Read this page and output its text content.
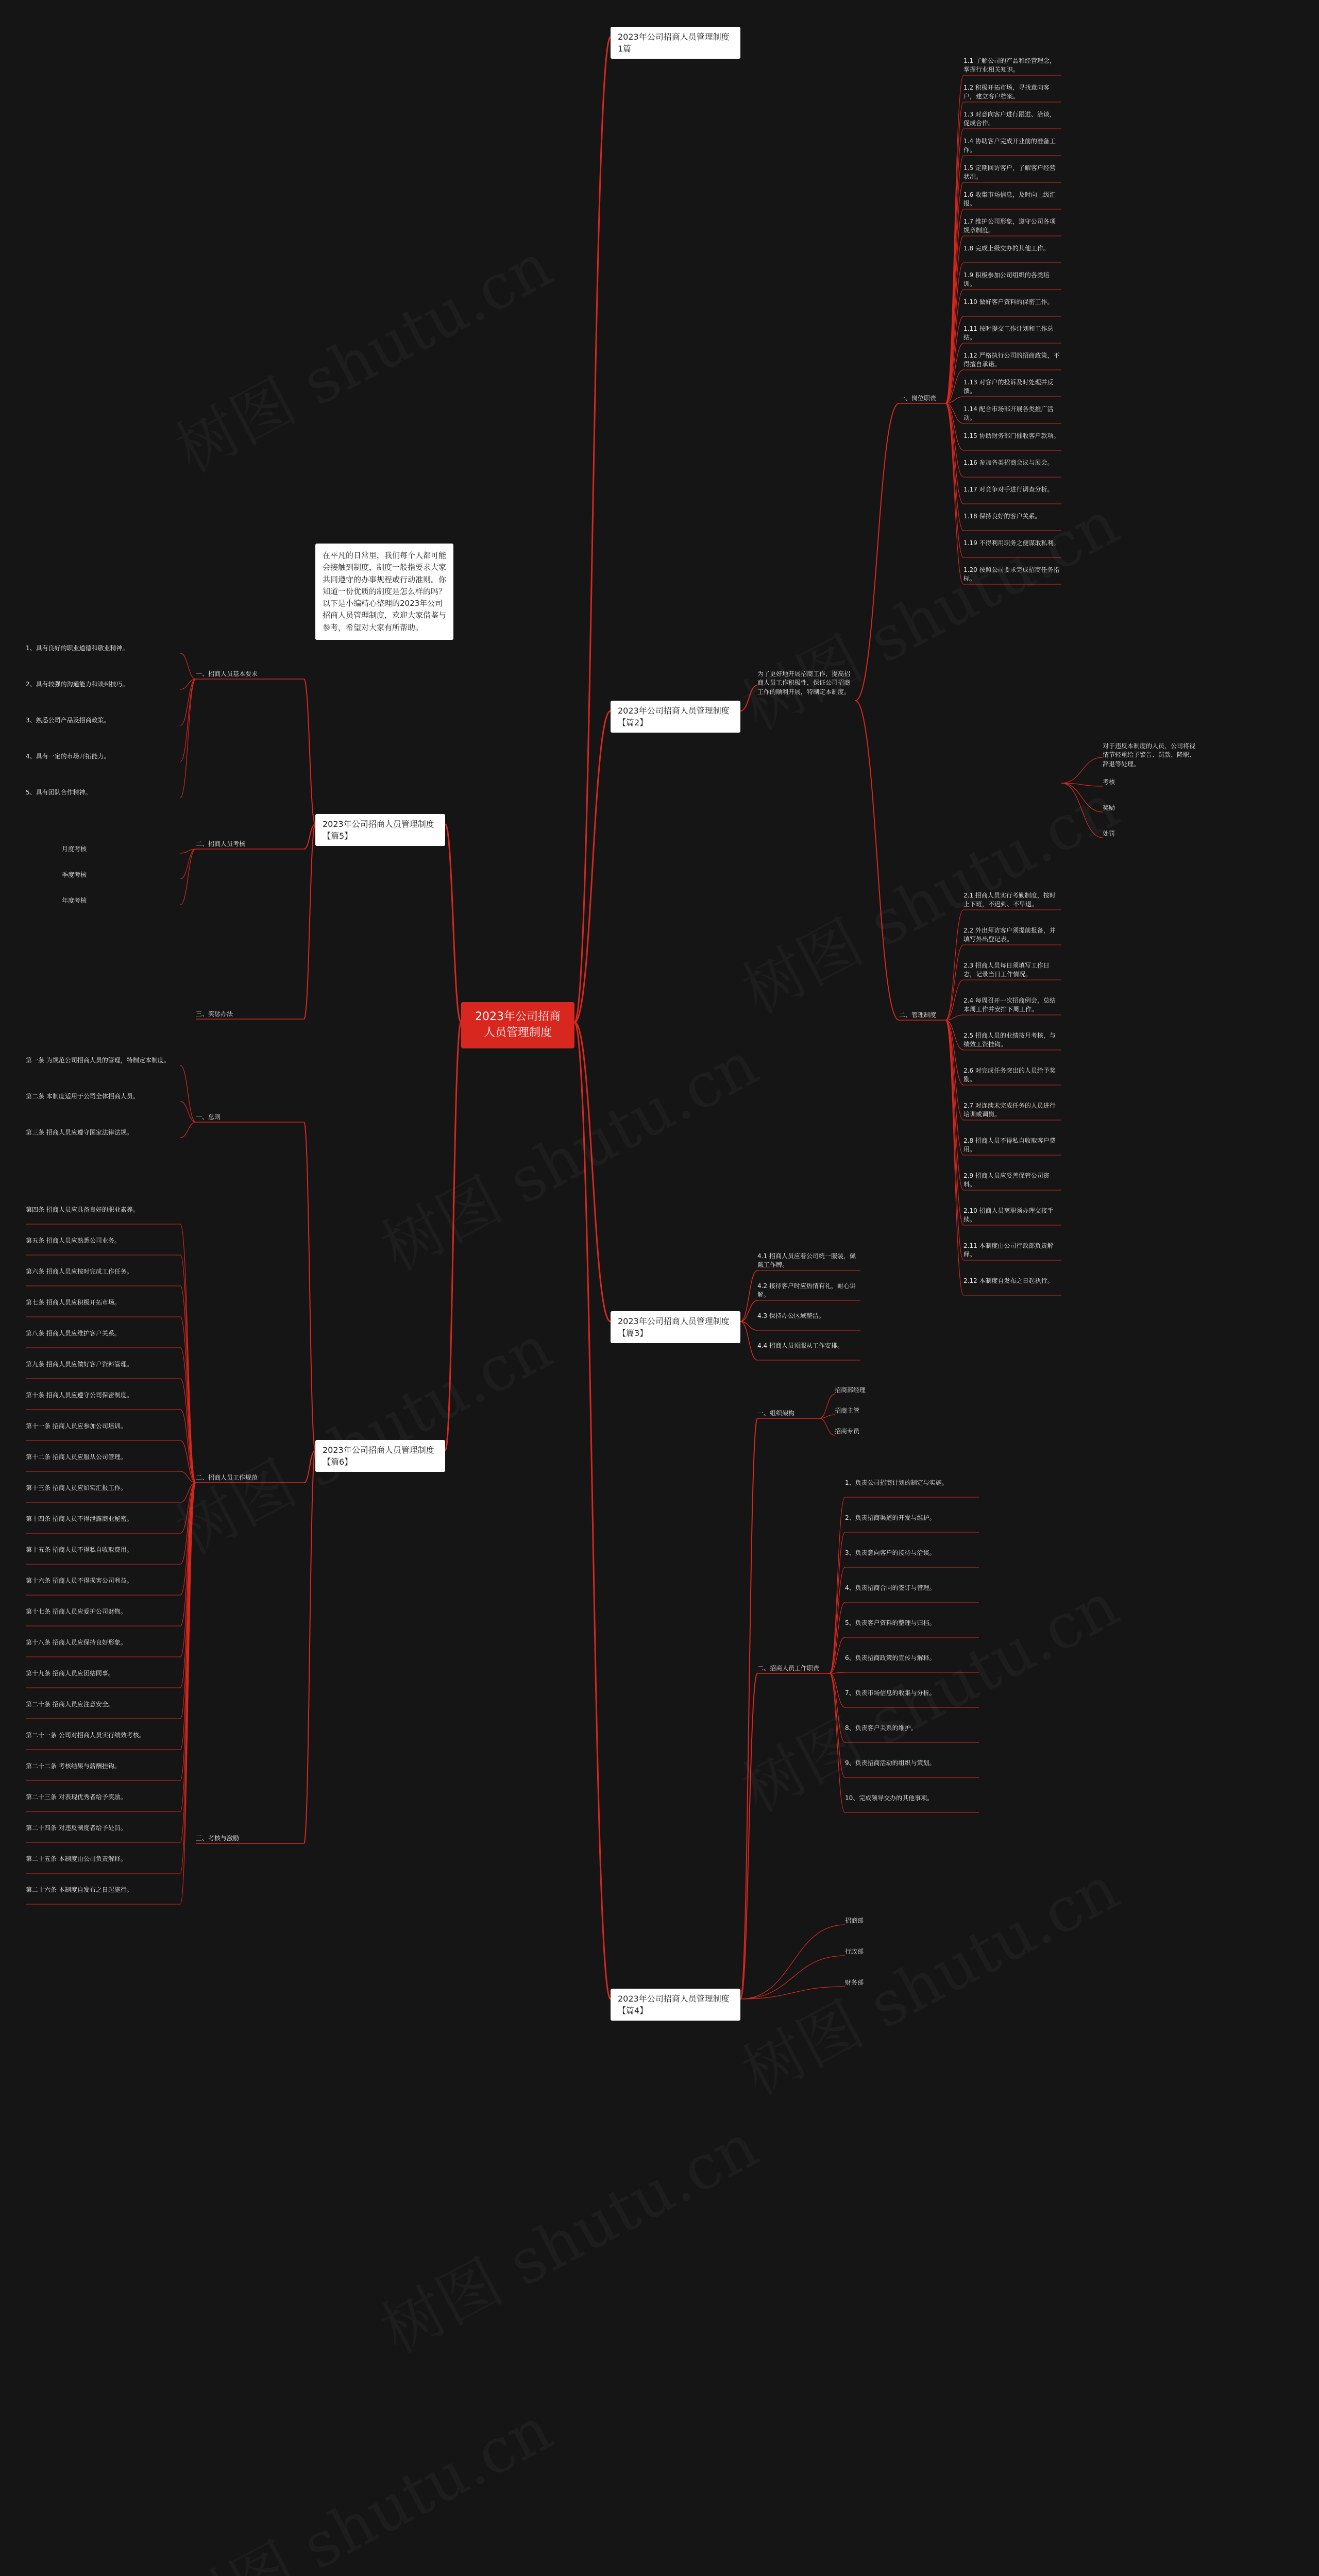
2023年公司招商人员管理制度
在平凡的日常里，我们每个人都可能会接触到制度，制度一般指要求大家共同遵守的办事规程或行动准则。你知道一份优质的制度是怎么样的吗？以下是小编精心整理的2023年公司招商人员管理制度，欢迎大家借鉴与参考，希望对大家有所帮助。
2023年公司招商人员管理制度1篇
2023年公司招商人员管理制度【篇2】
2023年公司招商人员管理制度【篇3】
2023年公司招商人员管理制度【篇4】
2023年公司招商人员管理制度【篇5】
2023年公司招商人员管理制度【篇6】
为了更好地开展招商工作，提高招商人员工作积极性，保证公司招商工作的顺利开展，特制定本制度。
一、岗位职责
二、管理制度
1.1 了解公司的产品和经营理念，掌握行业相关知识。
1.2 积极开拓市场，寻找意向客户，建立客户档案。
1.3 对意向客户进行跟进、洽谈，促成合作。
1.4 协助客户完成开业前的准备工作。
1.5 定期回访客户，了解客户经营状况。
1.6 收集市场信息，及时向上级汇报。
1.7 维护公司形象，遵守公司各项规章制度。
1.8 完成上级交办的其他工作。
1.9 积极参加公司组织的各类培训。
1.10 做好客户资料的保密工作。
1.11 按时提交工作计划和工作总结。
1.12 严格执行公司的招商政策，不得擅自承诺。
1.13 对客户的投诉及时处理并反馈。
1.14 配合市场部开展各类推广活动。
1.15 协助财务部门催收客户款项。
1.16 参加各类招商会议与展会。
1.17 对竞争对手进行调查分析。
1.18 保持良好的客户关系。
1.19 不得利用职务之便谋取私利。
1.20 按照公司要求完成招商任务指标。
2.1 招商人员实行考勤制度，按时上下班，不迟到、不早退。
2.2 外出拜访客户须提前报备，并填写外出登记表。
2.3 招商人员每日须填写工作日志，记录当日工作情况。
2.4 每周召开一次招商例会，总结本周工作并安排下周工作。
2.5 招商人员的业绩按月考核，与绩效工资挂钩。
2.6 对完成任务突出的人员给予奖励。
2.7 对连续未完成任务的人员进行培训或调岗。
2.8 招商人员不得私自收取客户费用。
2.9 招商人员应妥善保管公司资料。
2.10 招商人员离职须办理交接手续。
2.11 本制度由公司行政部负责解释。
2.12 本制度自发布之日起执行。
对于违反本制度的人员，公司将视情节轻重给予警告、罚款、降职、辞退等处理。
考核
奖励
处罚
4.1 招商人员应着公司统一服装，佩戴工作牌。
4.2 接待客户时应热情有礼，耐心讲解。
4.3 保持办公区域整洁。
4.4 招商人员须服从工作安排。
一、组织架构
招商部经理
招商主管
招商专员
二、招商人员工作职责
1、负责公司招商计划的制定与实施。
2、负责招商渠道的开发与维护。
3、负责意向客户的接待与洽谈。
4、负责招商合同的签订与管理。
5、负责客户资料的整理与归档。
6、负责招商政策的宣传与解释。
7、负责市场信息的收集与分析。
8、负责客户关系的维护。
9、负责招商活动的组织与策划。
10、完成领导交办的其他事项。
招商部
行政部
财务部
一、招商人员基本要求
二、招商人员考核
三、奖惩办法
1、具有良好的职业道德和敬业精神。
2、具有较强的沟通能力和谈判技巧。
3、熟悉公司产品及招商政策。
4、具有一定的市场开拓能力。
5、具有团队合作精神。
月度考核
季度考核
年度考核
一、总则
二、招商人员工作规范
三、考核与激励
第一条 为规范公司招商人员的管理，特制定本制度。
第二条 本制度适用于公司全体招商人员。
第三条 招商人员应遵守国家法律法规。
第四条 招商人员应具备良好的职业素养。
第五条 招商人员应熟悉公司业务。
第六条 招商人员应按时完成工作任务。
第七条 招商人员应积极开拓市场。
第八条 招商人员应维护客户关系。
第九条 招商人员应做好客户资料管理。
第十条 招商人员应遵守公司保密制度。
第十一条 招商人员应参加公司培训。
第十二条 招商人员应服从公司管理。
第十三条 招商人员应如实汇报工作。
第十四条 招商人员不得泄露商业秘密。
第十五条 招商人员不得私自收取费用。
第十六条 招商人员不得损害公司利益。
第十七条 招商人员应爱护公司财物。
第十八条 招商人员应保持良好形象。
第十九条 招商人员应团结同事。
第二十条 招商人员应注意安全。
第二十一条 公司对招商人员实行绩效考核。
第二十二条 考核结果与薪酬挂钩。
第二十三条 对表现优秀者给予奖励。
第二十四条 对违反制度者给予处罚。
第二十五条 本制度由公司负责解释。
第二十六条 本制度自发布之日起施行。
